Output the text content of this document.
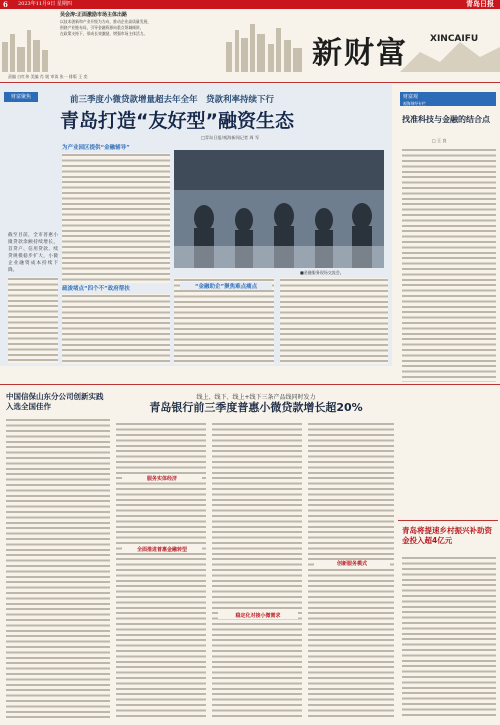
6 2023年11月9日 星期四	青岛日报
吴会涛:正面激励市场主体出路
以技术创新和产业升级为方向，推动企业高质量发展，
围绕产业链布局，引导金融资源向重点领域倾斜，
在政策支持下，形成长效激励，增强市场主体活力。
新财富 XINCAIFU
责编 白红伟 美编 肖 媛 审读 张一 排版 王 奕
财富聚焦	前三季度小微贷款增量超去年全年　贷款利率持续下行
青岛打造“友好型”融资生态
□青岛日报/观海新闻记者 周 军
截至目前，全市普惠小微贷款余额持续增长，首贷户、信用贷款、续贷规模稳步扩大，小微企业融资成本持续下降。
为产业园区提供“金融辅导”
疏浚堵点“四个不”政府帮扶
■金融服务现场交流会。
“金融助企”聚焦难点痛点
财富观
观海财经专栏
找准科技与金融的结合点
□ 王 良
中国信保山东分公司创新实践入选全国佳作
线上、线下、线上+线下三条产品线同时发力
青岛银行前三季度普惠小微贷款增长超20%
服务实体经济
全面推进普惠金融转型
稳定化对接小微需求
创新服务模式
青岛将提速乡村振兴补助资金投入超4亿元
